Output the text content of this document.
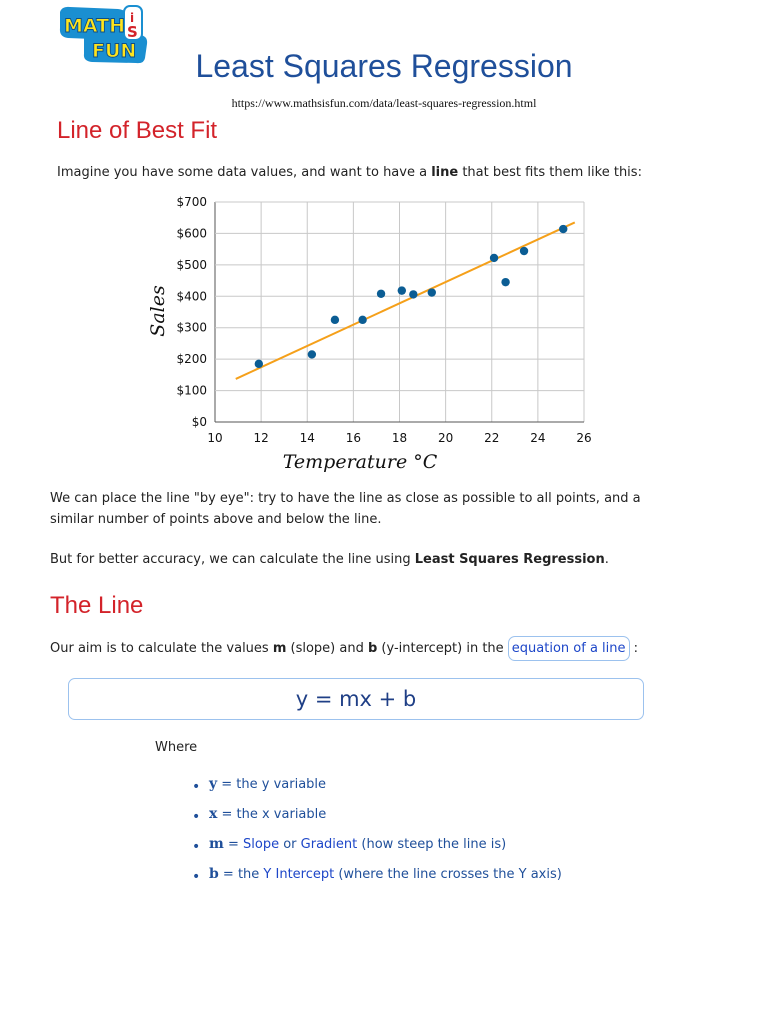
MATH i
S
FUN	Least Squares Regression
https://www.mathsisfun.com/data/least-squares-regression.html
Line of Best Fit

Imagine you have some data values, and want to have a line that best fits them like this:

10	12	14	16	18	20	22	24	26
$0
$100
$200
$300
$400
$500
$600
$700
Temperature °C
Sales

We can place the line "by eye": try to have the line as close as possible to all points, and a similar number of points above and below the line.

But for better accuracy, we can calculate the line using Least Squares Regression.

The Line

Our aim is to calculate the values m (slope) and b (y-intercept) in the equation of a line :

y = mx + b
Where
• y = the y variable
• x = the x variable
• m = Slope or Gradient (how steep the line is)
• b = the Y Intercept (where the line crosses the Y axis)
